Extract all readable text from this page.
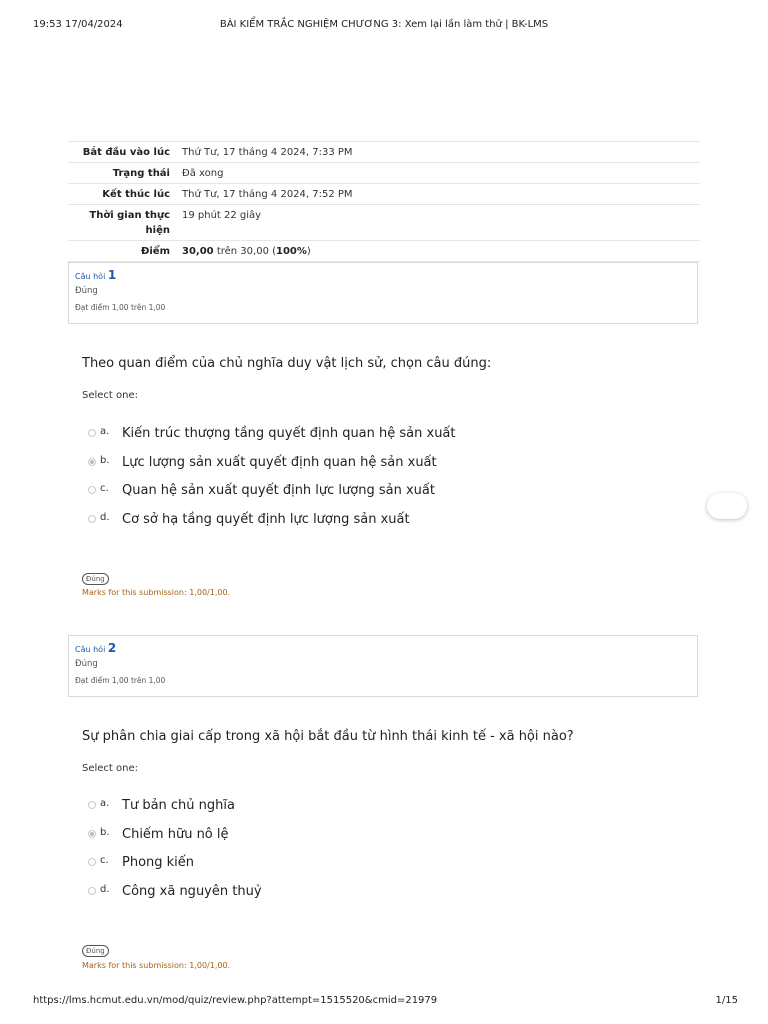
19:53 17/04/2024	BÀI KIỂM TRẮC NGHIỆM CHƯƠNG 3: Xem lại lần làm thử | BK-LMS
Bắt đầu vào lúc	Thứ Tư, 17 tháng 4 2024, 7:33 PM
Trạng thái	Đã xong
Kết thúc lúc	Thứ Tư, 17 tháng 4 2024, 7:52 PM
Thời gian thực hiện	19 phút 22 giây
Điểm	30,00 trên 30,00 (100%)
Câu hỏi 1
Đúng
Đạt điểm 1,00 trên 1,00
Theo quan điểm của chủ nghĩa duy vật lịch sử, chọn câu đúng:
Select one:
a. Kiến trúc thượng tầng quyết định quan hệ sản xuất
b. Lực lượng sản xuất quyết định quan hệ sản xuất
c.	Quan hệ sản xuất quyết định lực lượng sản xuất
d. Cơ sở hạ tầng quyết định lực lượng sản xuất
Đúng
Marks for this submission: 1,00/1,00.
Câu hỏi 2
Đúng
Đạt điểm 1,00 trên 1,00
Sự phân chia giai cấp trong xã hội bắt đầu từ hình thái kinh tế - xã hội nào?
Select one:
a. Tư bản chủ nghĩa
b. Chiếm hữu nô lệ
c.	Phong kiến
d. Công xã nguyên thuỷ
Đúng
Marks for this submission: 1,00/1,00.
https://lms.hcmut.edu.vn/mod/quiz/review.php?attempt=1515520&cmid=21979	1/15
